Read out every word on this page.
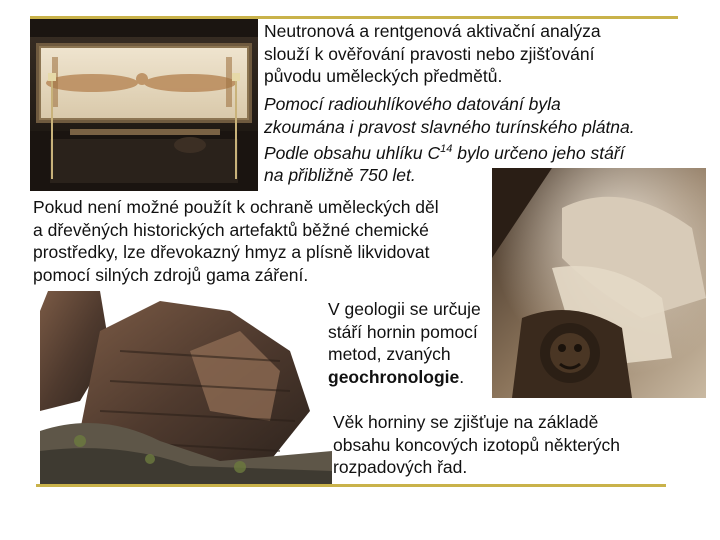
Neutronová a rentgenová aktivační analýza
slouží k ověřování pravosti nebo zjišťování
původu uměleckých předmětů.
Pomocí radiouhlíkového datování byla
zkoumána i pravost slavného turínského plátna.
Podle obsahu uhlíku $C^{14}$ bylo určeno jeho stáří
na přibližně 750 let.
Pokud není možné použít k ochraně uměleckých děl
a dřevěných historických artefaktů běžné chemické
prostředky, lze dřevokazný hmyz a plísně likvidovat
pomocí silných zdrojů gama záření.
V geologii se určuje
stáří hornin pomocí
metod, zvaných
geochronologie.
Věk horniny se zjišťuje na základě
obsahu koncových izotopů některých
rozpadových řad.
